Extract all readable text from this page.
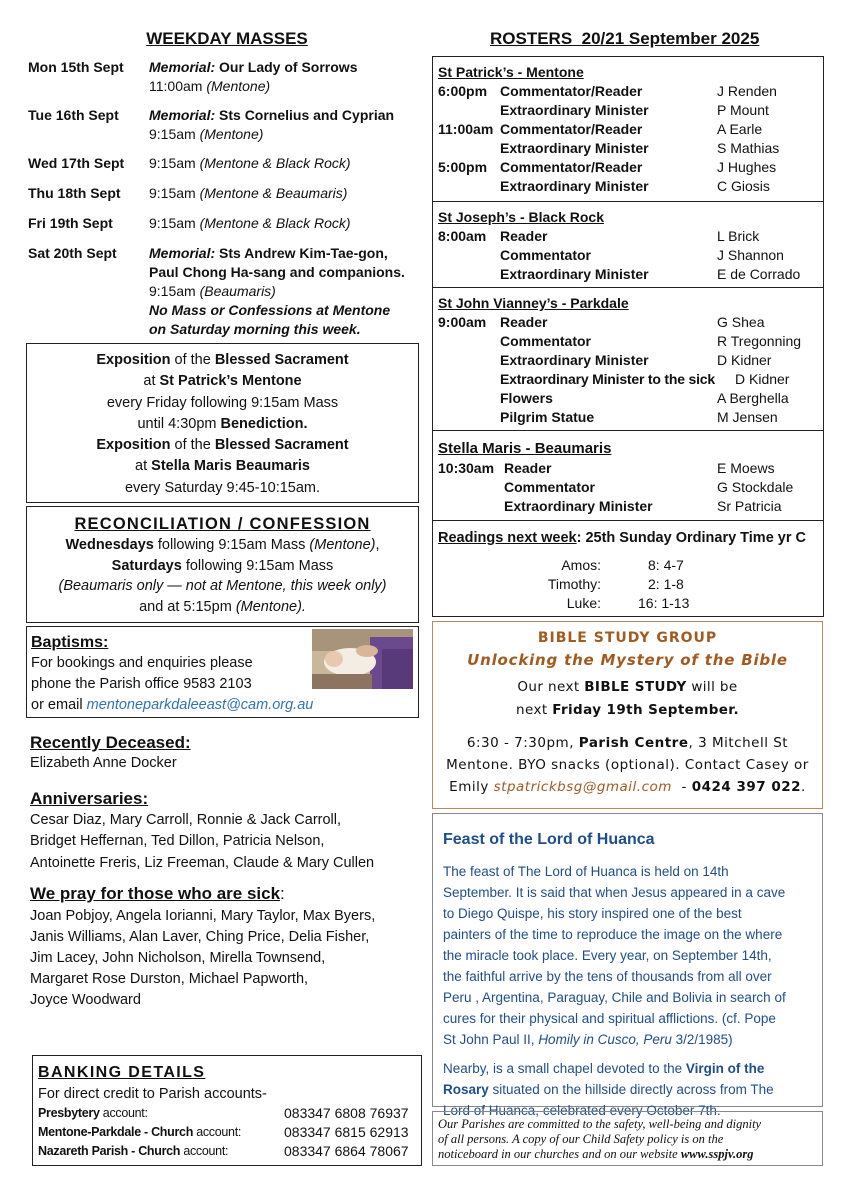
WEEKDAY MASSES
Mon 15th Sept	Memorial: Our Lady of Sorrows
11:00am (Mentone)
Tue 16th Sept	Memorial: Sts Cornelius and Cyprian
9:15am (Mentone)
Wed 17th Sept	9:15am (Mentone & Black Rock)
Thu 18th Sept	9:15am (Mentone & Beaumaris)
Fri 19th Sept	9:15am (Mentone & Black Rock)
Sat 20th Sept	Memorial: Sts Andrew Kim-Tae-gon,
Paul Chong Ha-sang and companions.
9:15am (Beaumaris)
No Mass or Confessions at Mentone
on Saturday morning this week.
Exposition of the Blessed Sacrament
at St Patrick’s Mentone
every Friday following 9:15am Mass
until 4:30pm Benediction.
Exposition of the Blessed Sacrament
at Stella Maris Beaumaris
every Saturday 9:45-10:15am.
RECONCILIATION / CONFESSION
Wednesdays following 9:15am Mass (Mentone),
Saturdays following 9:15am Mass
(Beaumaris only — not at Mentone, this week only)
and at 5:15pm (Mentone).
Baptisms:
For bookings and enquiries please
phone the Parish office 9583 2103
or email mentoneparkdaleeast@cam.org.au
Recently Deceased:
Elizabeth Anne Docker
Anniversaries:
Cesar Diaz, Mary Carroll, Ronnie & Jack Carroll,
Bridget Heffernan, Ted Dillon, Patricia Nelson,
Antoinette Freris, Liz Freeman, Claude & Mary Cullen
We pray for those who are sick:
Joan Pobjoy, Angela Iorianni, Mary Taylor, Max Byers,
Janis Williams, Alan Laver, Ching Price, Delia Fisher,
Jim Lacey, John Nicholson, Mirella Townsend,
Margaret Rose Durston, Michael Papworth,
Joyce Woodward
BANKING DETAILS
For direct credit to Parish accounts-
Presbytery account:	083347 6808 76937
Mentone-Parkdale - Church account:	083347 6815 62913
Nazareth Parish - Church account:	083347 6864 78067
ROSTERS  20/21 September 2025
St Patrick’s - Mentone
6:00pm Commentator/Reader	J Renden
Extraordinary Minister	P Mount
11:00am Commentator/Reader	A Earle
Extraordinary Minister	S Mathias
5:00pm Commentator/Reader	J Hughes
Extraordinary Minister	C Giosis
St Joseph’s - Black Rock
8:00am Reader	L Brick
Commentator	J Shannon
Extraordinary Minister	E de Corrado
St John Vianney’s - Parkdale
9:00am Reader	G Shea
Commentator	R Tregonning
Extraordinary Minister	D Kidner
Extraordinary Minister to the sick	D Kidner
Flowers	A Berghella
Pilgrim Statue	M Jensen
Stella Maris - Beaumaris
10:30am Reader	E Moews
Commentator	G Stockdale
Extraordinary Minister	Sr Patricia
Readings next week: 25th Sunday Ordinary Time yr C
Amos:	8: 4-7
Timothy:	2: 1-8
Luke:	16: 1-13
BIBLE STUDY GROUP
Unlocking the Mystery of the Bible
Our next BIBLE STUDY will be
next Friday 19th September.
6:30 - 7:30pm, Parish Centre, 3 Mitchell St
Mentone. BYO snacks (optional). Contact Casey or
Emily stpatrickbsg@gmail.com  - 0424 397 022.
Feast of the Lord of Huanca
The feast of The Lord of Huanca is held on 14th
September. It is said that when Jesus appeared in a cave
to Diego Quispe, his story inspired one of the best
painters of the time to reproduce the image on the where
the miracle took place. Every year, on September 14th,
the faithful arrive by the tens of thousands from all over
Peru , Argentina, Paraguay, Chile and Bolivia in search of
cures for their physical and spiritual afflictions. (cf. Pope
St John Paul II, Homily in Cusco, Peru 3/2/1985)
Nearby, is a small chapel devoted to the Virgin of the
Rosary situated on the hillside directly across from The
Lord of Huanca, celebrated every October 7th.
Our Parishes are committed to the safety, well-being and dignity
of all persons. A copy of our Child Safety policy is on the
noticeboard in our churches and on our website www.sspjv.org
